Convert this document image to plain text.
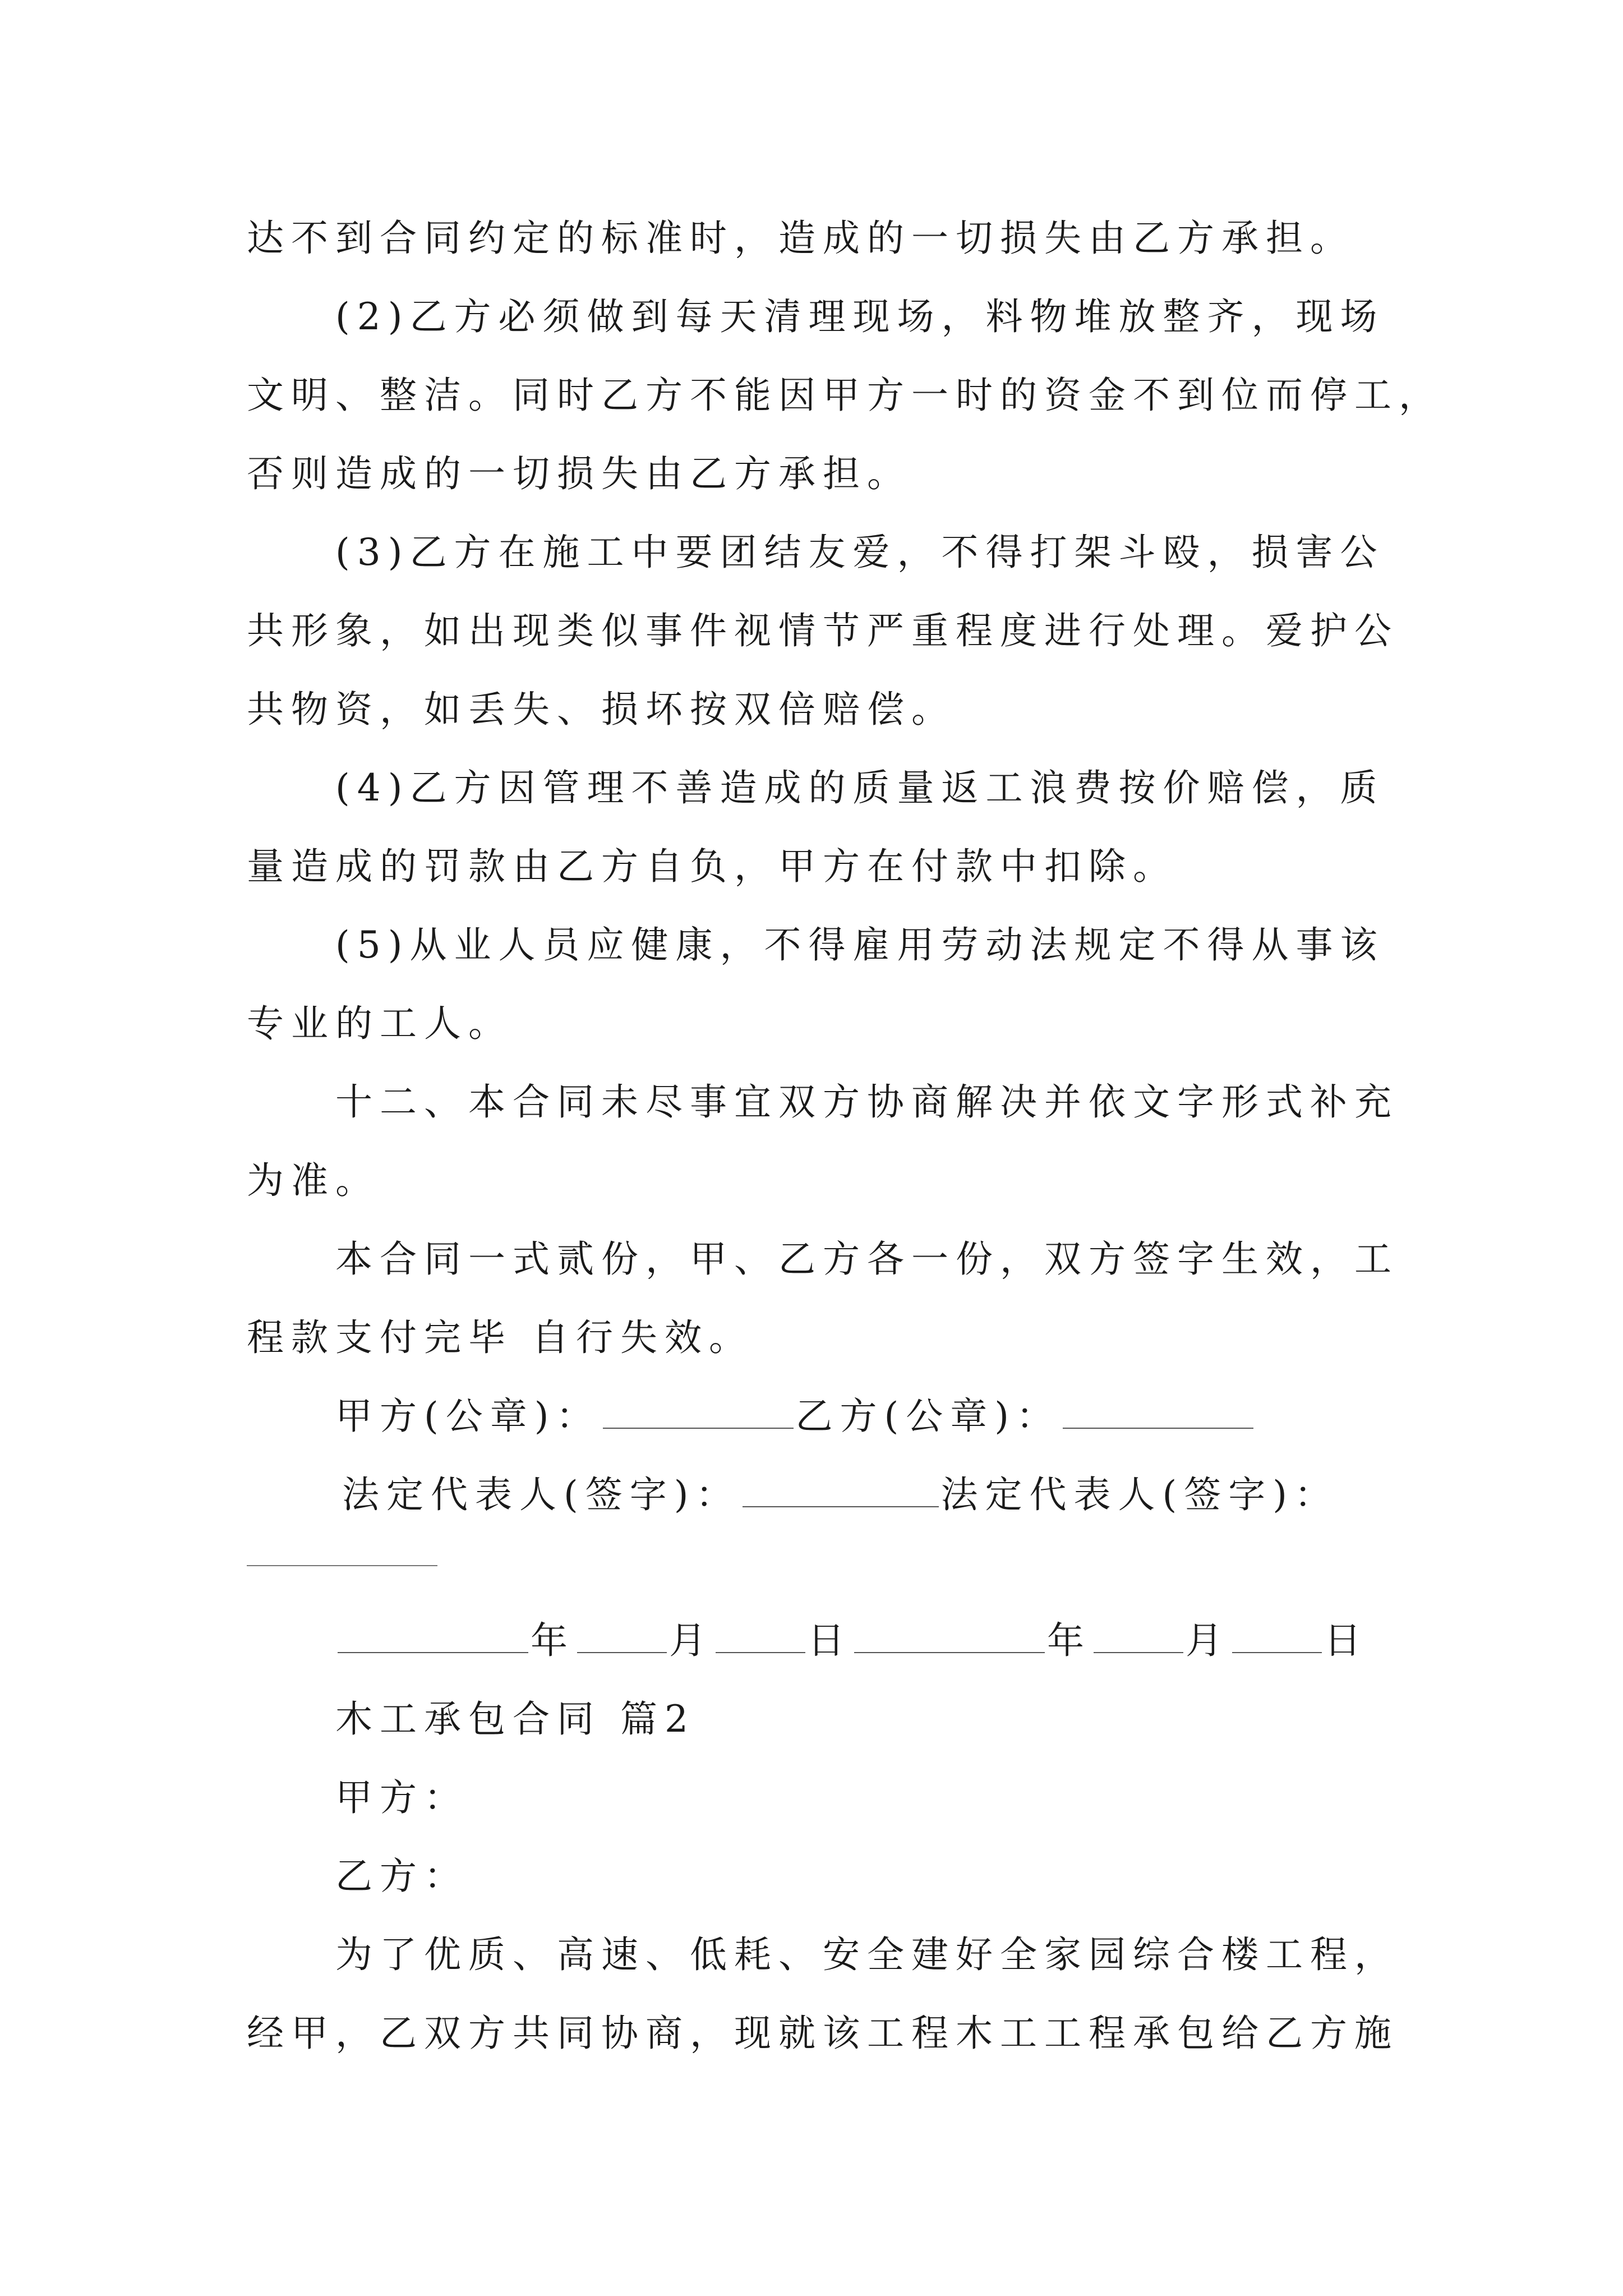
达不到合同约定的标准时，造成的一切损失由乙方承担。
(2)乙方必须做到每天清理现场，料物堆放整齐，现场
文明、整洁。同时乙方不能因甲方一时的资金不到位而停工，
否则造成的一切损失由乙方承担。
(3)乙方在施工中要团结友爱，不得打架斗殴，损害公
共形象，如出现类似事件视情节严重程度进行处理。爱护公
共物资，如丢失、损坏按双倍赔偿。
(4)乙方因管理不善造成的质量返工浪费按价赔偿，质
量造成的罚款由乙方自负，甲方在付款中扣除。
(5)从业人员应健康，不得雇用劳动法规定不得从事该
专业的工人。
十二、本合同未尽事宜双方协商解决并依文字形式补充
为准。
本合同一式贰份，甲、乙方各一份，双方签字生效，工
程款支付完毕 自行失效。
甲方(公章)：	乙方(公章)：
法定代表人(签字)：	法定代表人(签字)：
年	月	日	年	月	日
木工承包合同 篇2
甲方：
乙方：
为了优质、高速、低耗、安全建好全家园综合楼工程，
经甲，乙双方共同协商，现就该工程木工工程承包给乙方施
